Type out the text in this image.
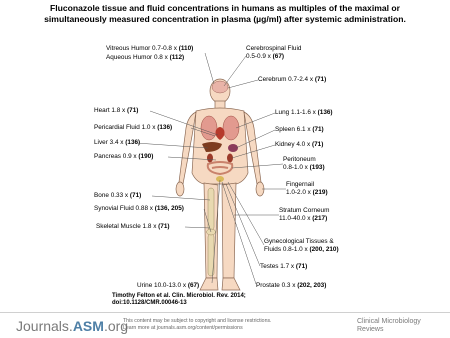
Fluconazole tissue and fluid concentrations in humans as multiples of the maximal or
simultaneously measured concentration in plasma (µg/ml) after systemic administration.
Vitreous Humor 0.7-0.8 x (110)
Aqueous Humor 0.8 x (112)
Cerebrospinal Fluid
0.5-0.9 x (67)
Cerebrum 0.7-2.4 x (71)
Heart 1.8 x (71)	Lung 1.1-1.6 x (136)
Pericardial Fluid 1.0 x (136)	Spleen 6.1 x (71)
Liver 3.4 x (136)	Kidney 4.0 x (71)
Pancreas 0.9 x (190)	Peritoneum
0.8-1.0 x (193)
Fingernail
1.0-2.0 x (219)
Bone 0.33 x (71)
Synovial Fluid 0.88 x (136, 205)	Stratum Corneum
11.0-40.0 x (217)
Skeletal Muscle 1.8 x (71)
Gynecological Tissues &
Fluids 0.8-1.0 x (200, 210)
Testes 1.7 x (71)
Urine 10.0-13.0 x (67)	Prostate 0.3 x (202, 203)
Timothy Felton et al. Clin. Microbiol. Rev. 2014;
doi:10.1128/CMR.00046-13
Journals.ASM.org
This content may be subject to copyright and license restrictions.
Learn more at journals.asm.org/content/permissions
Clinical Microbiology
Reviews
